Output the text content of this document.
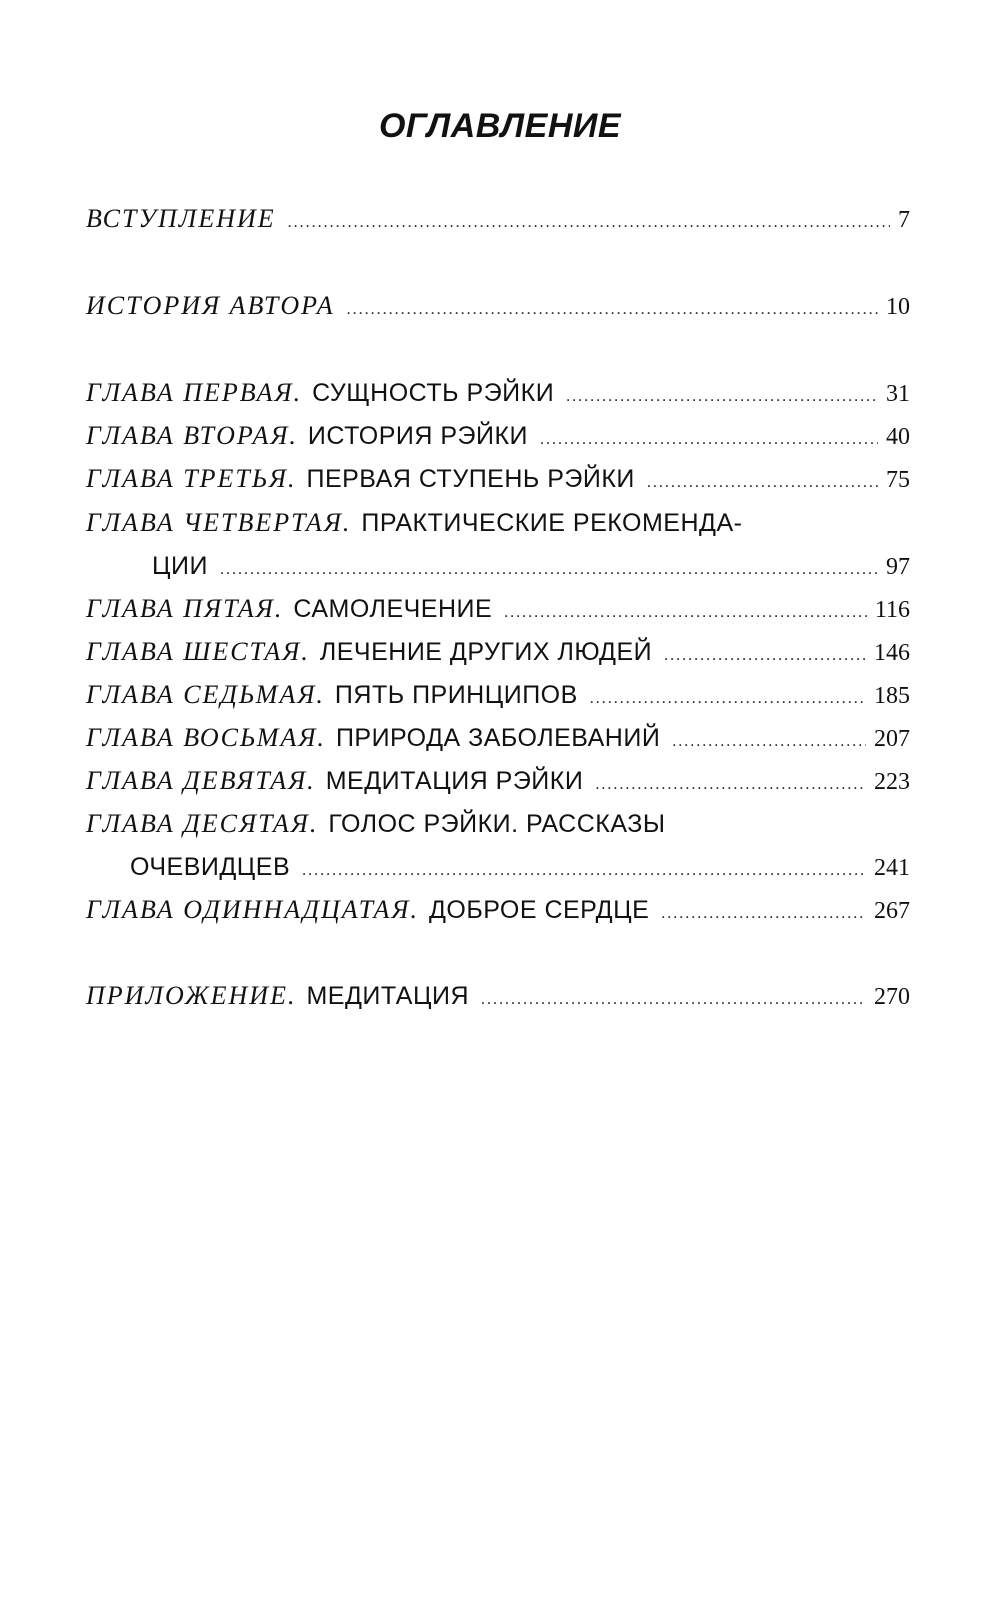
ОГЛАВЛЕНИЕ
ВСТУПЛЕНИЕ .....	7
ИСТОРИЯ АВТОРА .....	10
ГЛАВА ПЕРВАЯ. СУЩНОСТЬ РЭЙКИ .....	31
ГЛАВА ВТОРАЯ. ИСТОРИЯ РЭЙКИ .....	40
ГЛАВА ТРЕТЬЯ. ПЕРВАЯ СТУПЕНЬ РЭЙКИ .....	75
ГЛАВА ЧЕТВЕРТАЯ. ПРАКТИЧЕСКИЕ РЕКОМЕНДА-
ЦИИ .....	97
ГЛАВА ПЯТАЯ. САМОЛЕЧЕНИЕ .....	116
ГЛАВА ШЕСТАЯ. ЛЕЧЕНИЕ ДРУГИХ ЛЮДЕЙ .....	146
ГЛАВА СЕДЬМАЯ. ПЯТЬ ПРИНЦИПОВ .....	185
ГЛАВА ВОСЬМАЯ. ПРИРОДА ЗАБОЛЕВАНИЙ .....	207
ГЛАВА ДЕВЯТАЯ. МЕДИТАЦИЯ РЭЙКИ .....	223
ГЛАВА ДЕСЯТАЯ. ГОЛОС РЭЙКИ. РАССКАЗЫ
ОЧЕВИДЦЕВ .....	241
ГЛАВА ОДИННАДЦАТАЯ. ДОБРОЕ СЕРДЦЕ .....	267
ПРИЛОЖЕНИЕ. МЕДИТАЦИЯ .....	270
